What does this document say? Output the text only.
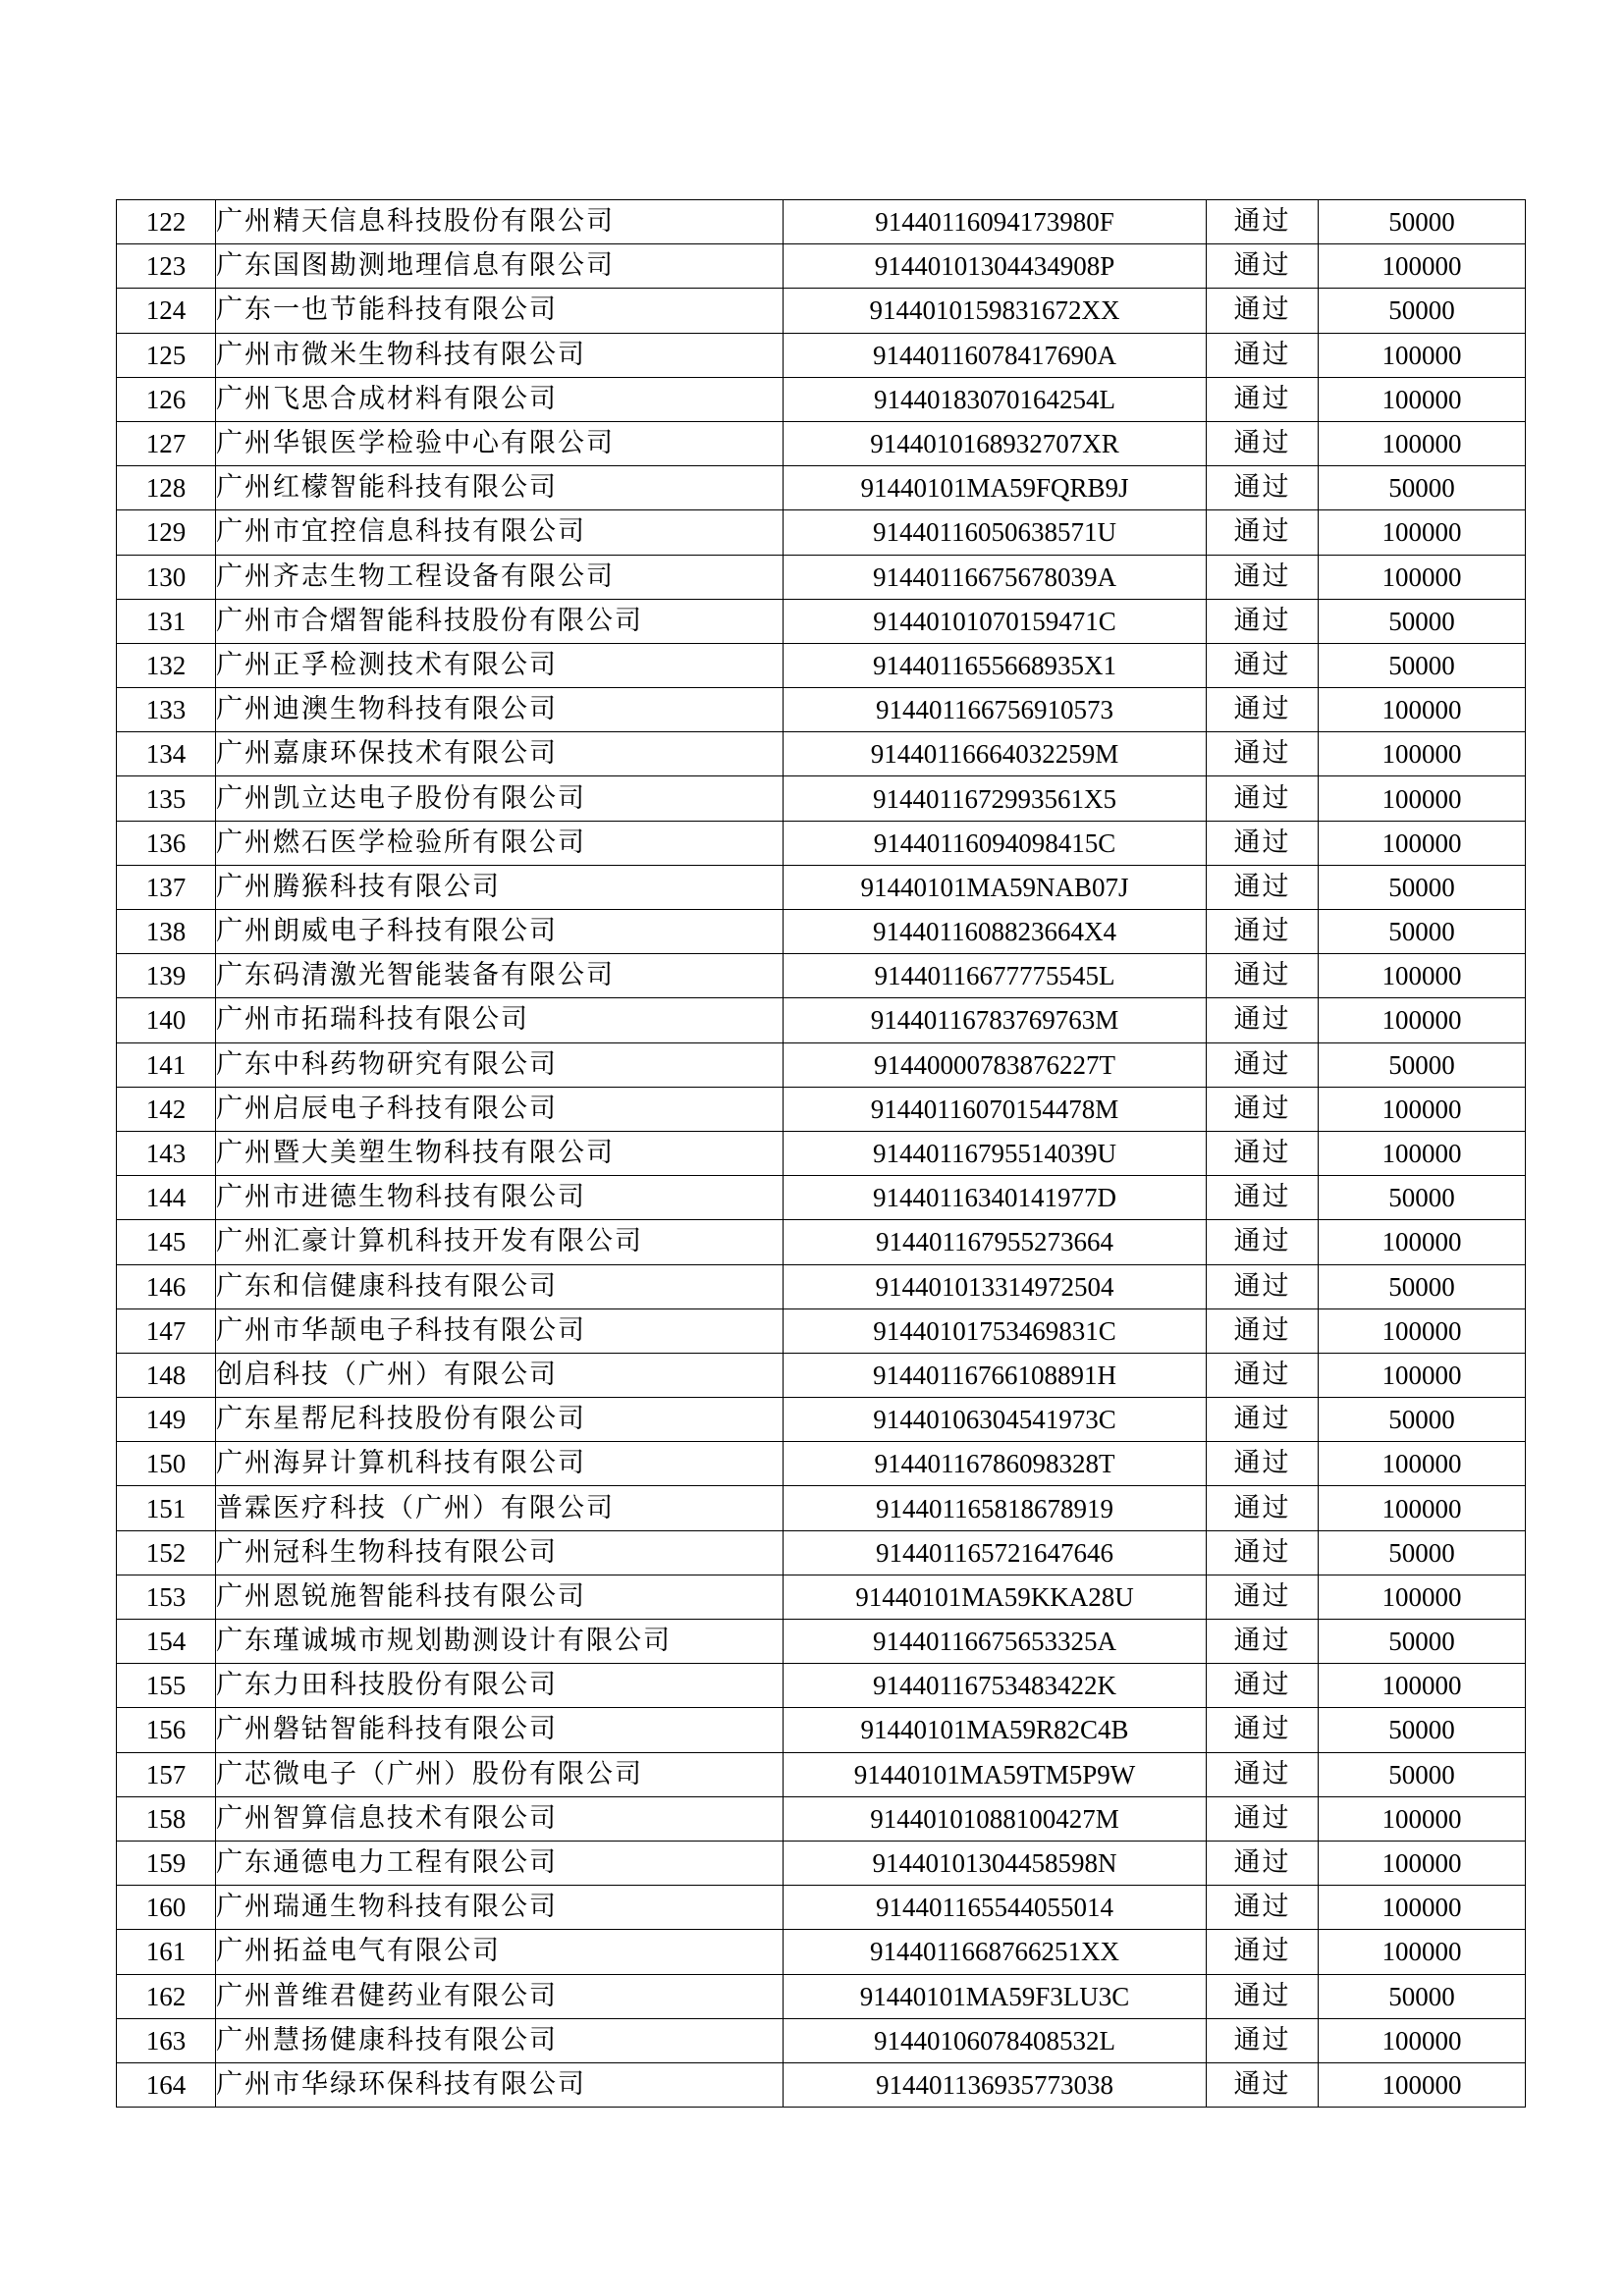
122	广州精天信息科技股份有限公司	91440116094173980F	通过	50000
123	广东国图勘测地理信息有限公司	91440101304434908P	通过	100000
124	广东一也节能科技有限公司	9144010159831672XX	通过	50000
125	广州市微米生物科技有限公司	91440116078417690A	通过	100000
126	广州飞思合成材料有限公司	91440183070164254L	通过	100000
127	广州华银医学检验中心有限公司	9144010168932707XR	通过	100000
128	广州红檬智能科技有限公司	91440101MA59FQRB9J	通过	50000
129	广州市宜控信息科技有限公司	91440116050638571U	通过	100000
130	广州齐志生物工程设备有限公司	91440116675678039A	通过	100000
131	广州市合熠智能科技股份有限公司	91440101070159471C	通过	50000
132	广州正孚检测技术有限公司	9144011655668935X1	通过	50000
133	广州迪澳生物科技有限公司	914401166756910573	通过	100000
134	广州嘉康环保技术有限公司	91440116664032259M	通过	100000
135	广州凯立达电子股份有限公司	9144011672993561X5	通过	100000
136	广州燃石医学检验所有限公司	91440116094098415C	通过	100000
137	广州腾猴科技有限公司	91440101MA59NAB07J	通过	50000
138	广州朗威电子科技有限公司	9144011608823664X4	通过	50000
139	广东码清激光智能装备有限公司	91440116677775545L	通过	100000
140	广州市拓瑞科技有限公司	91440116783769763M	通过	100000
141	广东中科药物研究有限公司	91440000783876227T	通过	50000
142	广州启辰电子科技有限公司	91440116070154478M	通过	100000
143	广州暨大美塑生物科技有限公司	91440116795514039U	通过	100000
144	广州市进德生物科技有限公司	91440116340141977D	通过	50000
145	广州汇豪计算机科技开发有限公司	914401167955273664	通过	100000
146	广东和信健康科技有限公司	914401013314972504	通过	50000
147	广州市华颉电子科技有限公司	91440101753469831C	通过	100000
148	创启科技（广州）有限公司	91440116766108891H	通过	100000
149	广东星帮尼科技股份有限公司	91440106304541973C	通过	50000
150	广州海昇计算机科技有限公司	91440116786098328T	通过	100000
151	普霖医疗科技（广州）有限公司	914401165818678919	通过	100000
152	广州冠科生物科技有限公司	914401165721647646	通过	50000
153	广州恩锐施智能科技有限公司	91440101MA59KKA28U	通过	100000
154	广东瑾诚城市规划勘测设计有限公司	91440116675653325A	通过	50000
155	广东力田科技股份有限公司	91440116753483422K	通过	100000
156	广州磐钴智能科技有限公司	91440101MA59R82C4B	通过	50000
157	广芯微电子（广州）股份有限公司	91440101MA59TM5P9W	通过	50000
158	广州智算信息技术有限公司	91440101088100427M	通过	100000
159	广东通德电力工程有限公司	91440101304458598N	通过	100000
160	广州瑞通生物科技有限公司	914401165544055014	通过	100000
161	广州拓益电气有限公司	9144011668766251XX	通过	100000
162	广州普维君健药业有限公司	91440101MA59F3LU3C	通过	50000
163	广州慧扬健康科技有限公司	91440106078408532L	通过	100000
164	广州市华绿环保科技有限公司	914401136935773038	通过	100000
